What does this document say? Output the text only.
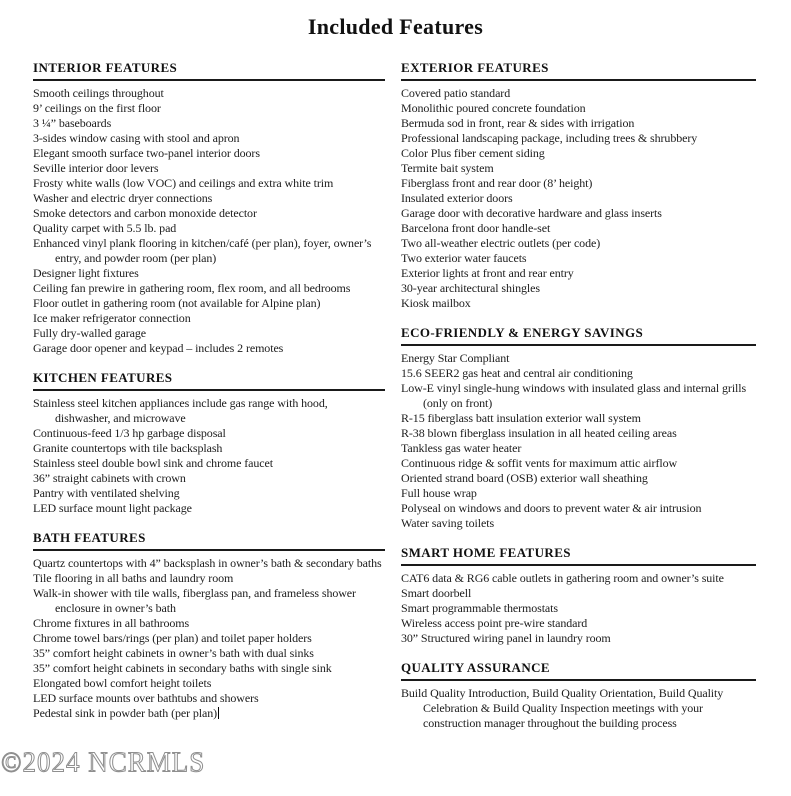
Included Features
INTERIOR FEATURES
Smooth ceilings throughout
9’ ceilings on the first floor
3 ¼” baseboards
3-sides window casing with stool and apron
Elegant smooth surface two-panel interior doors
Seville interior door levers
Frosty white walls (low VOC) and ceilings and extra white trim
Washer and electric dryer connections
Smoke detectors and carbon monoxide detector
Quality carpet with 5.5 lb. pad
Enhanced vinyl plank flooring in kitchen/café (per plan), foyer, owner’s entry, and powder room (per plan)
Designer light fixtures
Ceiling fan prewire in gathering room, flex room, and all bedrooms
Floor outlet in gathering room (not available for Alpine plan)
Ice maker refrigerator connection
Fully dry-walled garage
Garage door opener and keypad – includes 2 remotes
KITCHEN FEATURES
Stainless steel kitchen appliances include gas range with hood, dishwasher, and microwave
Continuous-feed 1/3 hp garbage disposal
Granite countertops with tile backsplash
Stainless steel double bowl sink and chrome faucet
36” straight cabinets with crown
Pantry with ventilated shelving
LED surface mount light package
BATH FEATURES
Quartz countertops with 4” backsplash in owner’s bath & secondary baths
Tile flooring in all baths and laundry room
Walk-in shower with tile walls, fiberglass pan, and frameless shower enclosure in owner’s bath
Chrome fixtures in all bathrooms
Chrome towel bars/rings (per plan) and toilet paper holders
35” comfort height cabinets in owner’s bath with dual sinks
35” comfort height cabinets in secondary baths with single sink
Elongated bowl comfort height toilets
LED surface mounts over bathtubs and showers
Pedestal sink in powder bath (per plan)
EXTERIOR FEATURES
Covered patio standard
Monolithic poured concrete foundation
Bermuda sod in front, rear & sides with irrigation
Professional landscaping package, including trees & shrubbery
Color Plus fiber cement siding
Termite bait system
Fiberglass front and rear door (8’ height)
Insulated exterior doors
Garage door with decorative hardware and glass inserts
Barcelona front door handle-set
Two all-weather electric outlets (per code)
Two exterior water faucets
Exterior lights at front and rear entry
30-year architectural shingles
Kiosk mailbox
ECO-FRIENDLY & ENERGY SAVINGS
Energy Star Compliant
15.6 SEER2 gas heat and central air conditioning
Low-E vinyl single-hung windows with insulated glass and internal grills (only on front)
R-15 fiberglass batt insulation exterior wall system
R-38 blown fiberglass insulation in all heated ceiling areas
Tankless gas water heater
Continuous ridge & soffit vents for maximum attic airflow
Oriented strand board (OSB) exterior wall sheathing
Full house wrap
Polyseal on windows and doors to prevent water & air intrusion
Water saving toilets
SMART HOME FEATURES
CAT6 data & RG6 cable outlets in gathering room and owner’s suite
Smart doorbell
Smart programmable thermostats
Wireless access point pre-wire standard
30” Structured wiring panel in laundry room
QUALITY ASSURANCE
Build Quality Introduction, Build Quality Orientation, Build Quality Celebration & Build Quality Inspection meetings with your construction manager throughout the building process
©2024 NCRMLS
